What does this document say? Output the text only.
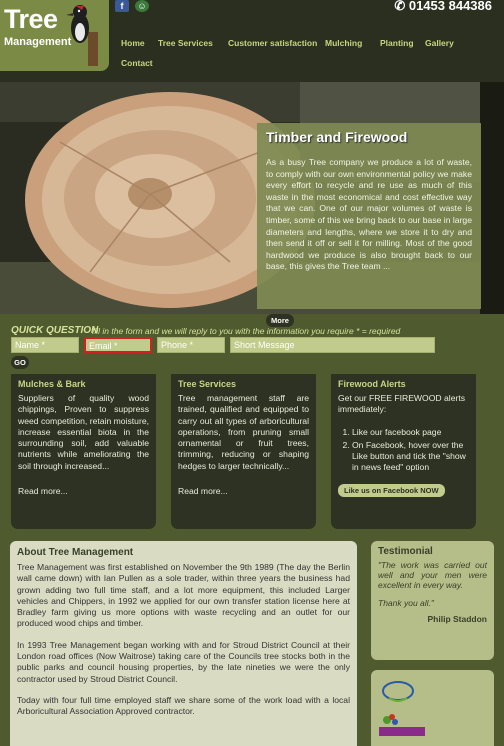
Tree
Management
f	☺	✆ 01453 844386
Home Tree Services Customer satisfaction Mulching Planting Gallery
Contact
Timber and Firewood
As a busy Tree company we produce a lot of waste, to comply with our own environmental policy we make every effort to recycle and re use as much of this waste in the most economical and cost effective way that we can. One of our major volumes of waste is timber, some of this we bring back to our base in large diameters and lengths, where we store it to dry and then send it off or sell it for milling. Most of the good hardwood we produce is also brought back to our base, this gives the Tree team ...
More
QUICK QUESTION
fill in the form and we will reply to you with the information you require * = required
Name *	Email *	Phone *	Short Message
GO
Mulches & Bark

Suppliers of quality wood chippings, Proven to suppress weed competition, retain moisture, increase essential biota in the surrounding soil, add valuable nutrients while ameliorating the soil through increased...

Read more...
Tree Services

Tree management staff are trained, qualified and equipped to carry out all types of arboricultural operations, from pruning small ornamental or fruit trees, trimming, reducing or shaping hedges to larger technically...

Read more...
Firewood Alerts

Get our FREE FIREWOOD alerts immediately:

1. Like our facebook page
2. On Facebook, hover over the Like button and tick the "show in news feed" option
Like us on Facebook NOW
About Tree Management

Tree Management was first established on November the 9th 1989 (The day the Berlin wall came down) with Ian Pullen as a sole trader, within three years the business had grown adding two full time staff, and a lot more equipment, this included Larger vehicles and Chippers, in 1992 we applied for our own transfer station license here at Bradley farm giving us more options with waste recycling and an outlet for our produced wood chips and timber.

In 1993 Tree Management began working with and for Stroud District Council at their London road offices (Now Waitrose) taking care of the Councils tree stocks both in the public parks and council housing properties, by the late nineties we were the only contractor used by Stroud District Council.

Today with four full time employed staff we share some of the work load with a local Arboricultural Association Approved contractor.

Testimonial

"The work was carried out well and your men were excellent in every way.

Thank you all."

Philip Staddon
